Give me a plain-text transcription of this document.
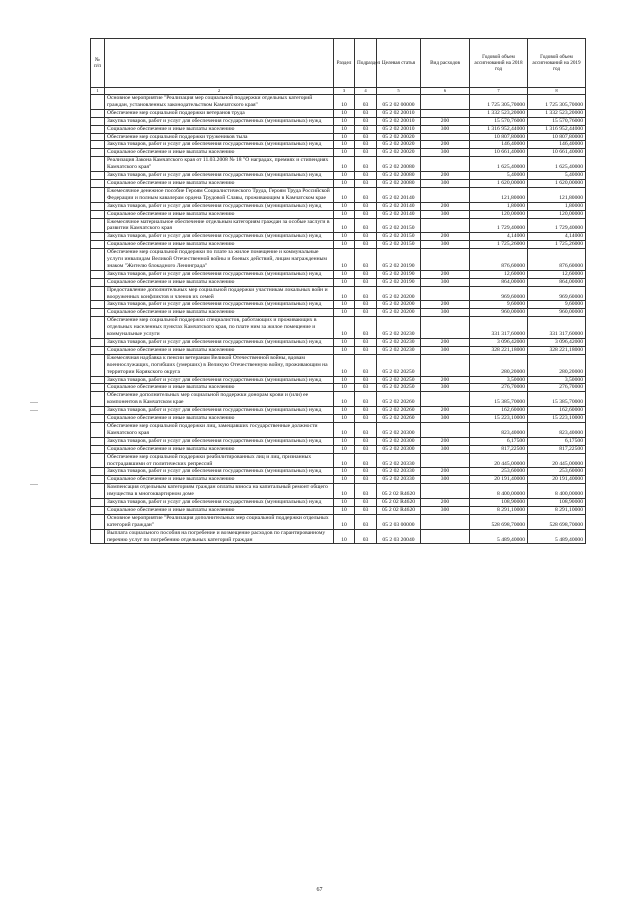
№ п/п		Раздел	Подраздел	Целевая статья	Вид расходов	Годовой объем ассигнований на 2018 год	Годовой объем ассигнований на 2019 год
1	2	3	4	5	6	7	8
	Основное мероприятие "Реализация мер социальной поддержки отдельных категорий граждан, установленных законодательством Камчатского края"	10	03	05 2 02 00000		1 725 305,70000	1 725 305,70000
	Обеспечение мер социальной поддержки ветеранов труда	10	03	05 2 02 20010		1 332 523,20000	1 332 523,20000
	Закупка товаров, работ и услуг для обеспечения государственных (муниципальных) нужд	10	03	05 2 02 20010	200	15 570,76000	15 570,76000
	Социальное обеспечение и иные выплаты населению	10	03	05 2 02 20010	300	1 316 952,44000	1 316 952,44000
	Обеспечение мер социальной поддержки тружеников тыла	10	03	05 2 02 20020		10 807,80000	10 807,80000
	Закупка товаров, работ и услуг для обеспечения государственных (муниципальных) нужд	10	03	05 2 02 20020	200	146,40000	146,40000
	Социальное обеспечение и иные выплаты населению	10	03	05 2 02 20020	300	10 661,40000	10 661,40000
	Реализация Закона Камчатского края от 11.03.2008 № 18 "О наградах, премиях и стипендиях Камчатского края"	10	03	05 2 02 20080		1 625,40000	1 625,40000
	Закупка товаров, работ и услуг для обеспечения государственных (муниципальных) нужд	10	03	05 2 02 20080	200	5,40000	5,40000
	Социальное обеспечение и иные выплаты населению	10	03	05 2 02 20080	300	1 620,00000	1 620,00000
	Ежемесячное денежное пособие Героям Социалистического Труда, Героям Труда Российской Федерации и полным кавалерам ордена Трудовой Славы, проживающим в Камчатском крае	10	03	05 2 02 20140		121,80000	121,80000
	Закупка товаров, работ и услуг для обеспечения государственных (муниципальных) нужд	10	03	05 2 02 20140	200	1,80000	1,80000
	Социальное обеспечение и иные выплаты населению	10	03	05 2 02 20140	300	120,00000	120,00000
	Ежемесячное материальное обеспечение отдельным категориям граждан за особые заслуги в развитии Камчатского края	10	03	05 2 02 20150		1 729,40000	1 729,40000
	Закупка товаров, работ и услуг для обеспечения государственных (муниципальных) нужд	10	03	05 2 02 20150	200	4,14000	4,14000
	Социальное обеспечение и иные выплаты населению	10	03	05 2 02 20150	300	1 725,26000	1 725,26000
	Обеспечение мер социальной поддержки по плате за жилое помещение и коммунальные услуги инвалидам Великой Отечественной войны и боевых действий, лицам награжденным знаком "Жителю блокадного Ленинграда"	10	03	05 2 02 20190		876,60000	876,60000
	Закупка товаров, работ и услуг для обеспечения государственных (муниципальных) нужд	10	03	05 2 02 20190	200	12,60000	12,60000
	Социальное обеспечение и иные выплаты населению	10	03	05 2 02 20190	300	864,00000	864,00000
	Предоставление дополнительных мер социальной поддержки участникам локальных войн и вооруженных конфликтов и членов их семей	10	03	05 2 02 20200		969,60000	969,60000
	Закупка товаров, работ и услуг для обеспечения государственных (муниципальных) нужд	10	03	05 2 02 20200	200	9,60000	9,60000
	Социальное обеспечение и иные выплаты населению	10	03	05 2 02 20200	300	960,00000	960,00000
	Обеспечение мер социальной поддержки специалистов, работающих и проживающих в отдельных населенных пунктах Камчатского края, по плате ним за жилое помещение и коммунальные услуги	10	03	05 2 02 20230		331 317,60000	331 317,60000
	Закупка товаров, работ и услуг для обеспечения государственных (муниципальных) нужд	10	03	05 2 02 20230	200	3 096,42000	3 096,42000
	Социальное обеспечение и иные выплаты населению	10	03	05 2 02 20230	300	328 221,18000	328 221,18000
	Ежемесячная надбавка к пенсии ветеранам Великой Отечественной войны, вдовам военнослужащих, погибших (умерших) в Великую Отечественную войну, проживающим на территории Корякского округа	10	03	05 2 02 20250		280,20000	280,20000
	Закупка товаров, работ и услуг для обеспечения государственных (муниципальных) нужд	10	03	05 2 02 20250	200	3,50000	3,50000
	Социальное обеспечение и иные выплаты населению	10	03	05 2 02 20250	300	276,70000	276,70000
	Обеспечение дополнительных мер социальной поддержки донорам крови и (или) ее компонентов в Камчатском крае	10	03	05 2 02 20260		15 385,70000	15 385,70000
	Закупка товаров, работ и услуг для обеспечения государственных (муниципальных) нужд	10	03	05 2 02 20260	200	162,60000	162,60000
	Социальное обеспечение и иные выплаты населению	10	03	05 2 02 20260	300	15 223,10000	15 223,10000
	Обеспечение мер социальной поддержки лиц, замещавших государственные должности Камчатского края	10	03	05 2 02 20300		823,40000	823,40000
	Закупка товаров, работ и услуг для обеспечения государственных (муниципальных) нужд	10	03	05 2 02 20300	200	6,17500	6,17500
	Социальное обеспечение и иные выплаты населению	10	03	05 2 02 20300	300	817,22500	817,22500
	Обеспечение мер социальной поддержки реабилитированных лиц и лиц, признанных пострадавшими от политических репрессий	10	03	05 2 02 20330		20 445,00000	20 445,00000
	Закупка товаров, работ и услуг для обеспечения государственных (муниципальных) нужд	10	03	05 2 02 20330	200	253,60000	253,60000
	Социальное обеспечение и иные выплаты населению	10	03	05 2 02 20330	300	20 191,40000	20 191,40000
	Компенсация отдельным категориям граждан оплаты взноса на капитальный ремонт общего имущества в многоквартирном доме	10	03	05 2 02 R4620		8 400,00000	8 400,00000
	Закупка товаров, работ и услуг для обеспечения государственных (муниципальных) нужд	10	03	05 2 02 R4620	200	108,90000	108,90000
	Социальное обеспечение и иные выплаты населению	10	03	05 2 02 R4620	300	8 291,10000	8 291,10000
	Основное мероприятие "Реализация дополнительных мер социальной поддержки отдельных категорий граждан"	10	03	05 2 03 00000		528 698,70000	528 698,70000
	Выплата социального пособия на погребение и возмещение расходов по гарантированному перечню услуг по погребению отдельных категорий граждан	10	03	05 2 03 20040		5 489,40000	5 489,40000
67
